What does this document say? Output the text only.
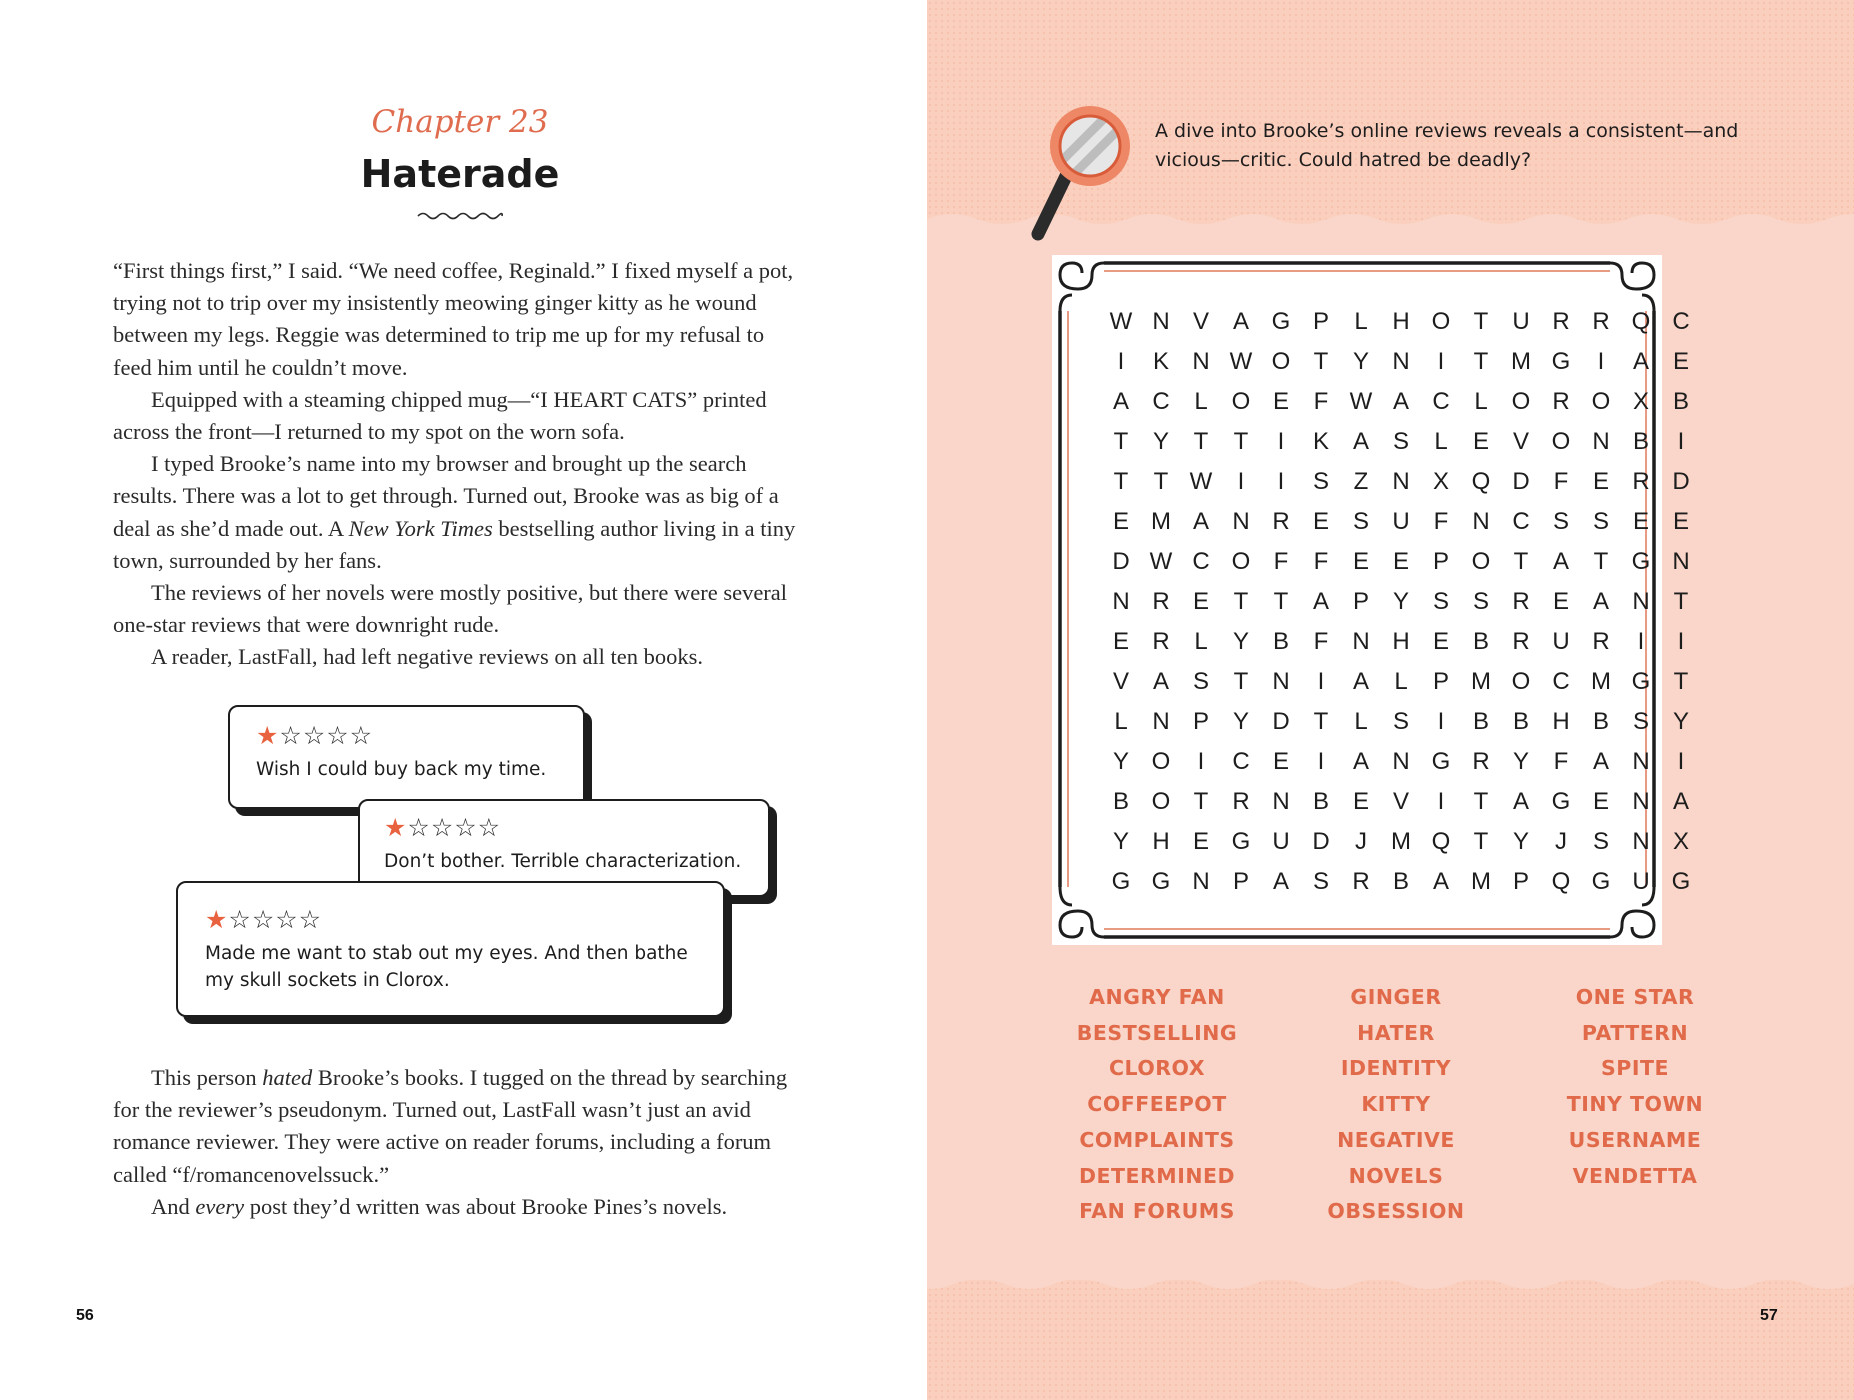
Chapter 23
Haterade

“First things first,” I said. “We need coffee, Reginald.” I fixed myself a pot, trying not to trip over my insistently meowing ginger kitty as he wound between my legs. Reggie was determined to trip me up for my refusal to feed him until he couldn’t move.

Equipped with a steaming chipped mug—“I HEART CATS” printed across the front—I returned to my spot on the worn sofa.

I typed Brooke’s name into my browser and brought up the search results. There was a lot to get through. Turned out, Brooke was as big of a deal as she’d made out. A New York Times bestselling author living in a tiny town, surrounded by her fans.

The reviews of her novels were mostly positive, but there were several one-star reviews that were downright rude.

A reader, LastFall, had left negative reviews on all ten books.

★☆☆☆☆
Wish I could buy back my time.
★☆☆☆☆
Don’t bother. Terrible characterization.
★☆☆☆☆
Made me want to stab out my eyes. And then bathe my skull sockets in Clorox.

This person hated Brooke’s books. I tugged on the thread by searching for the reviewer’s pseudonym. Turned out, LastFall wasn’t just an avid romance reviewer. They were active on reader forums, including a forum called “f/romancenovelssuck.”

And every post they’d written was about Brooke Pines’s novels.

56
A dive into Brooke’s online reviews reveals a consistent—and vicious—critic. Could hatred be deadly?
W N V A G P	L	H O T	U R R Q C
I	K N W O T	Y N	I	T M G	I	A E
A C	L O E	F W A C	L O R O X B
T	Y	T	T	I	K A S	L	E V O N B	I
T	T W	I	I	S	Z	N X Q D F	E R D
E M A N R E S U F	N C S S E E
D W C O F	F	E E P O T	A	T G N
N R E	T	T	A P Y S S R E A N T
E R	L	Y B	F	N H E B R U R	I	I
V A S	T	N	I	A	L	P M O C M G T
L	N P Y D T	L	S	I	B B H B S Y
Y O	I	C E	I	A N G R Y	F	A N	I
B O T	R N B E V	I	T	A G E N A
Y H E G U D	J	M Q T	Y	J	S N X
G G N P A S R B A M P Q G U G
ANGRY FAN
BESTSELLING
CLOROX
COFFEEPOT
COMPLAINTS
DETERMINED
FAN FORUMS
GINGER
HATER
IDENTITY
KITTY
NEGATIVE
NOVELS
OBSESSION
ONE STAR
PATTERN
SPITE
TINY TOWN
USERNAME
VENDETTA
57
